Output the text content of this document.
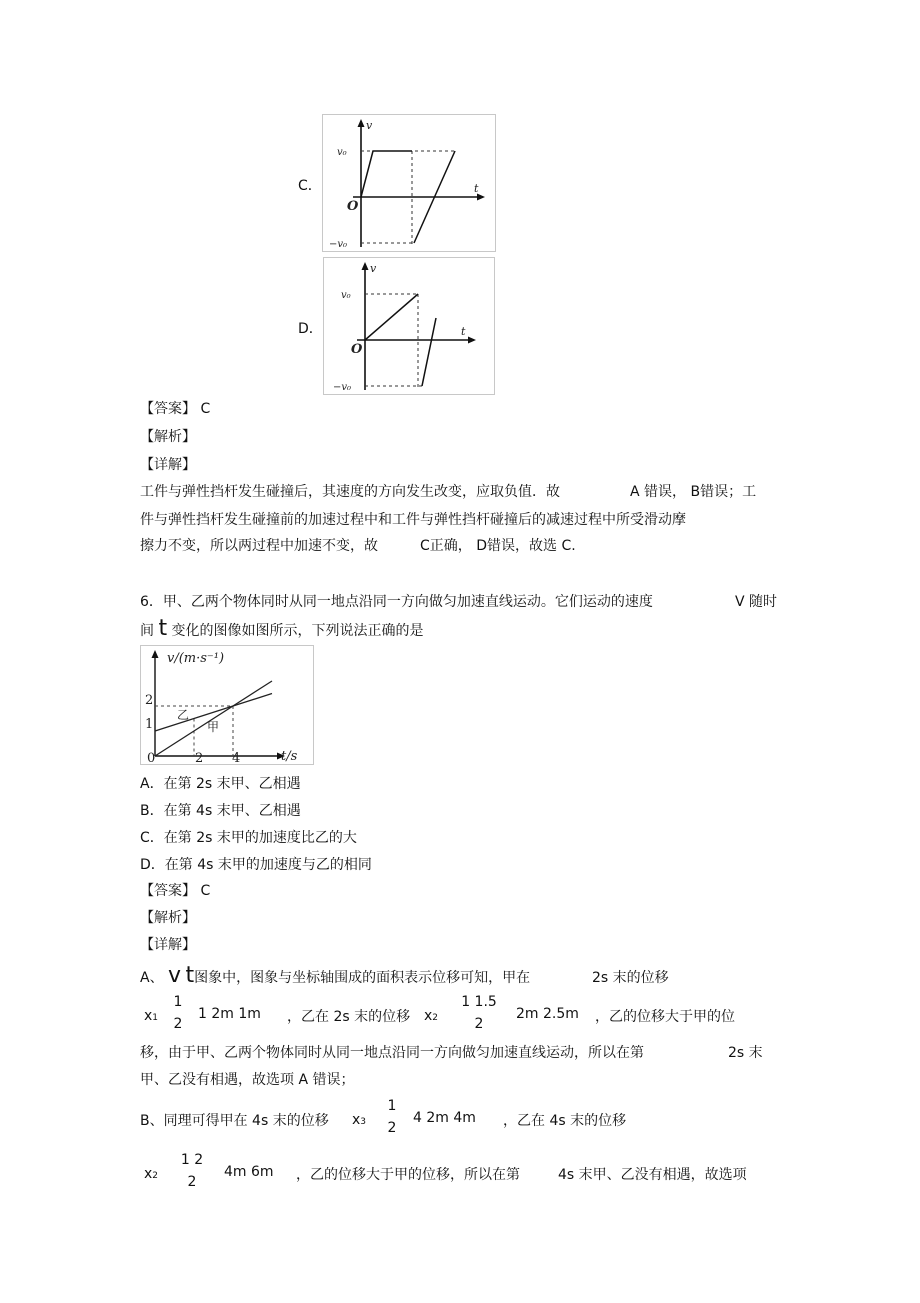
C．
v
t
v₀
O
−v₀
D．
v
t
v₀
O
−v₀
【答案】 C
【解析】
【详解】
工件与弹性挡杆发生碰撞后，其速度的方向发生改变，应取负值．故	A 错误， B错误；工
件与弹性挡杆发生碰撞前的加速过程中和工件与弹性挡杆碰撞后的减速过程中所受滑动摩
擦力不变，所以两过程中加速不变，故	C正确， D错误，故选 C.
6．甲、乙两个物体同时从同一地点沿同一方向做匀加速直线运动。它们运动的速度	V 随时
间 t 变化的图像如图所示，下列说法正确的是
v/(m·s⁻¹)
t/s
乙
甲
2
1
2 4
0
A．在第 2s 末甲、乙相遇
B．在第 4s 末甲、乙相遇
C．在第 2s 末甲的加速度比乙的大
D．在第 4s 末甲的加速度与乙的相同
【答案】 C
【解析】
【详解】
A、 v t图象中，图象与坐标轴围成的面积表示位移可知，甲在	2s 末的位移
x1
1
2
1 2m 1m ，乙在 2s 末的位移 x2
1 1.5
2
2m 2.5m ，乙的位移大于甲的位
移，由于甲、乙两个物体同时从同一地点沿同一方向做匀加速直线运动，所以在第	2s 末
甲、乙没有相遇，故选项 A 错误；
B、同理可得甲在 4s 末的位移 x3
1
2
4 2m 4m ，乙在 4s 末的位移
x2
1 2
2
4m 6m ，乙的位移大于甲的位移，所以在第	4s 末甲、乙没有相遇，故选项
